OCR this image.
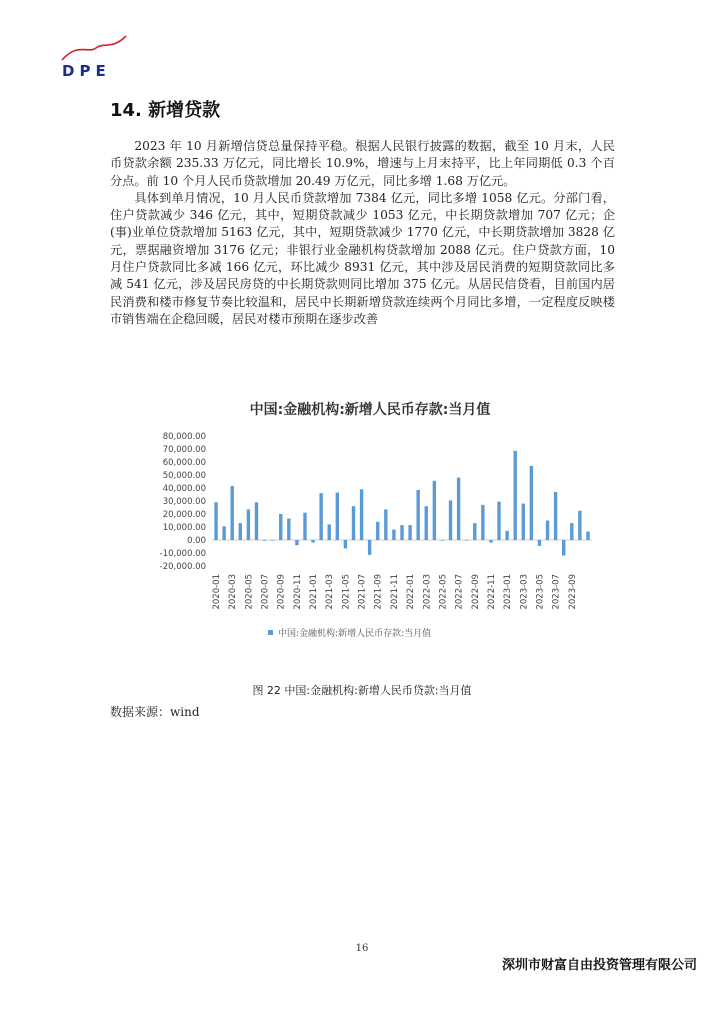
DPE
14. 新增贷款

2023 年 10 月新增信贷总量保持平稳。根据人民银行披露的数据，截至 10 月末，人民币贷款余额 235.33 万亿元，同比增长 10.9%，增速与上月末持平，比上年同期低 0.3 个百分点。前 10 个月人民币贷款增加 20.49 万亿元，同比多增 1.68 万亿元。

具体到单月情况，10 月人民币贷款增加 7384 亿元，同比多增 1058 亿元。分部门看，住户贷款减少 346 亿元，其中，短期贷款减少 1053 亿元，中长期贷款增加 707 亿元；企(事)业单位贷款增加 5163 亿元，其中，短期贷款减少 1770 亿元，中长期贷款增加 3828 亿元，票据融资增加 3176 亿元；非银行业金融机构贷款增加 2088 亿元。住户贷款方面，10 月住户贷款同比多减 166 亿元，环比减少 8931 亿元，其中涉及居民消费的短期贷款同比多减 541 亿元，涉及居民房贷的中长期贷款则同比增加 375 亿元。从居民信贷看，目前国内居民消费和楼市修复节奏比较温和，居民中长期新增贷款连续两个月同比多增，一定程度反映楼市销售端在企稳回暖，居民对楼市预期在逐步改善

中国:金融机构:新增人民币存款:当月值
80,000.00
70,000.00
60,000.00
50,000.00
40,000.00
30,000.00
20,000.00
10,000.00
0.00
-10,000.00
-20,000.00
2020-01 2020-03 2020-05 2020-07 2020-09 2020-11 2021-01 2021-03 2021-05 2021-07 2021-09 2021-11 2022-01 2022-03 2022-05 2022-07 2022-09 2022-11 2023-01 2023-03 2023-05 2023-07 2023-09
中国:金融机构:新增人民币存款:当月值
图 22 中国:金融机构:新增人民币贷款:当月值
数据来源：wind
16
深圳市财富自由投资管理有限公司
